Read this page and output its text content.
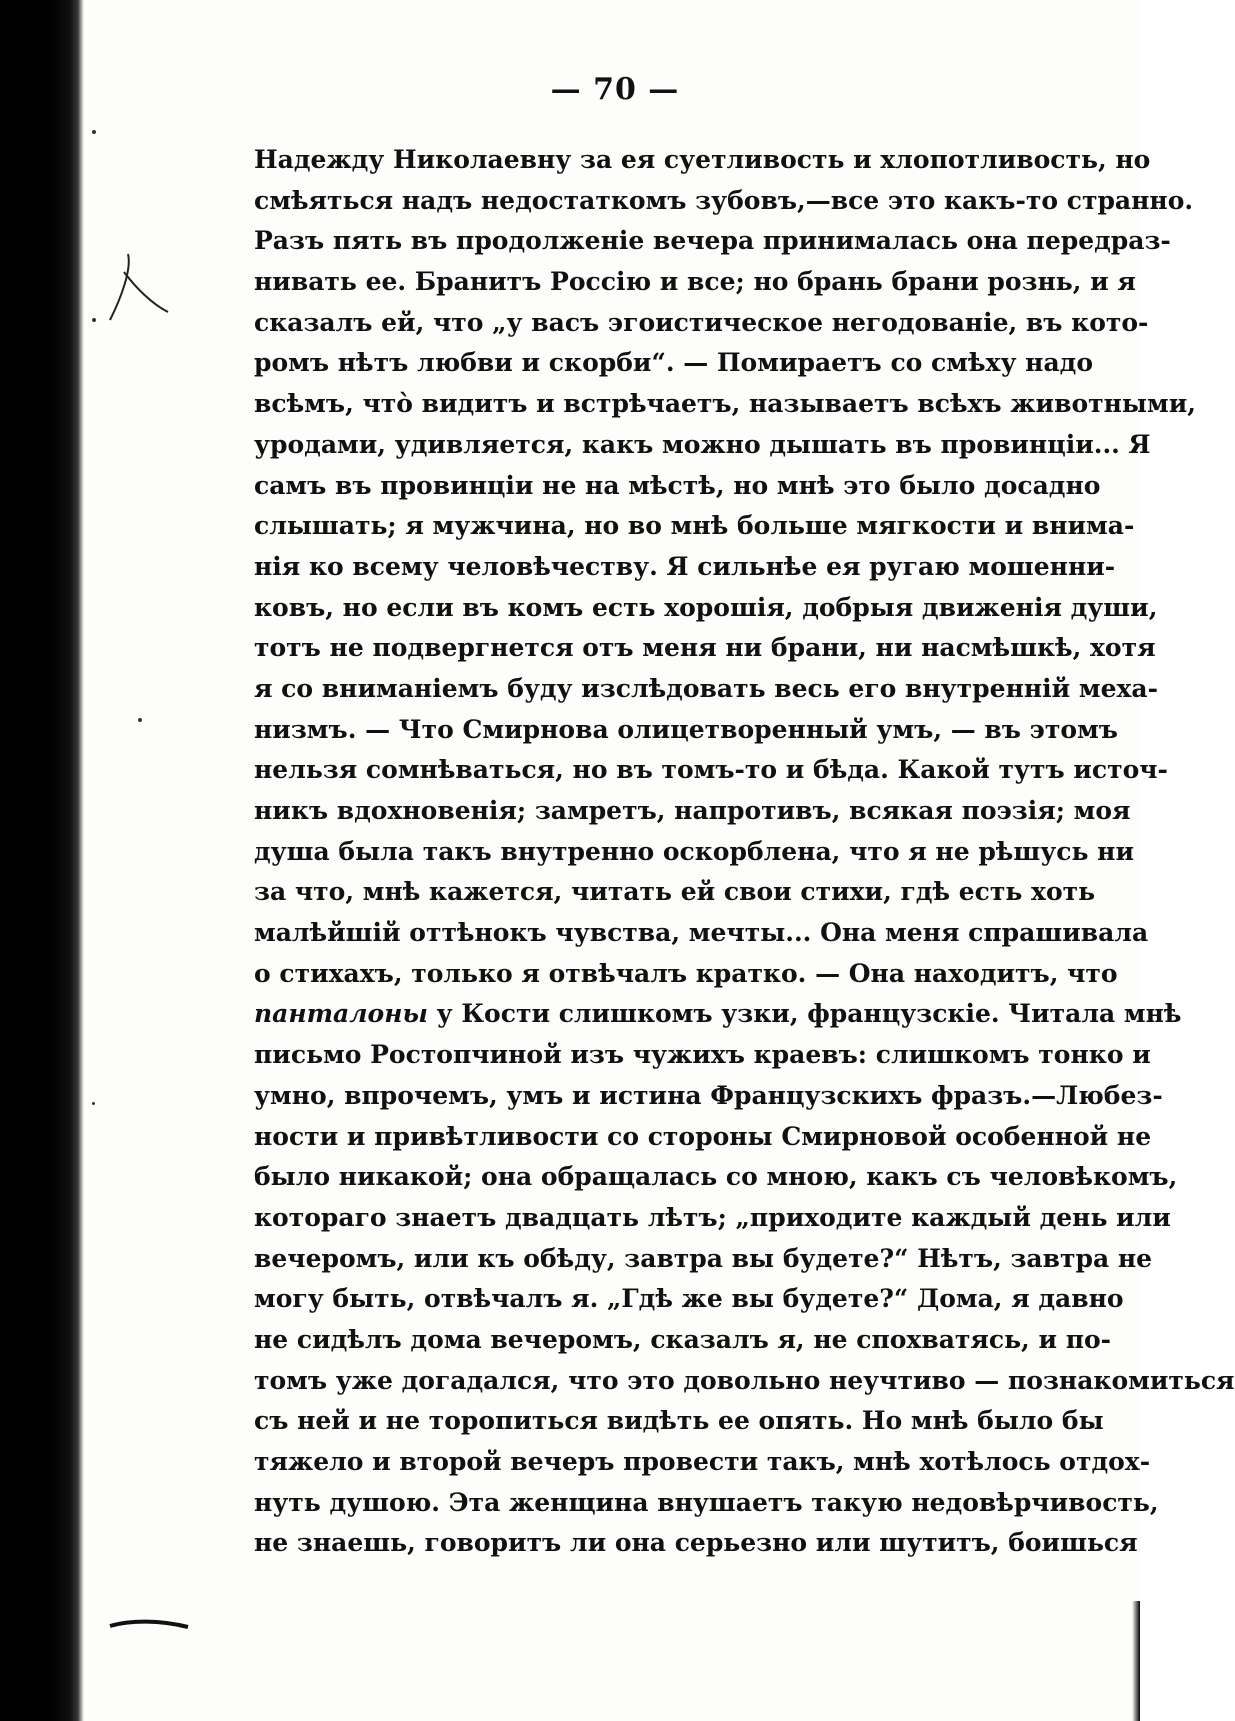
— 70 —
Надежду Николаевну за ея суетливость и хлопотливость, но
смѣяться надъ недостаткомъ зубовъ,—все это какъ-то странно.
Разъ пять въ продолженіе вечера принималась она передраз-
нивать ее. Бранитъ Россію и все; но брань брани рознь, и я
сказалъ ей, что „у васъ эгоистическое негодованіе, въ кото-
ромъ нѣтъ любви и скорби“. — Помираетъ со смѣху надо
всѣмъ, что̀ видитъ и встрѣчаетъ, называетъ всѣхъ животными,
уродами, удивляется, какъ можно дышать въ провинціи... Я
самъ въ провинціи не на мѣстѣ, но мнѣ это было досадно
слышать; я мужчина, но во мнѣ больше мягкости и внима-
нія ко всему человѣчеству. Я сильнѣе ея ругаю мошенни-
ковъ, но если въ комъ есть хорошія, добрыя движенія души,
тотъ не подвергнется отъ меня ни брани, ни насмѣшкѣ, хотя
я со вниманіемъ буду изслѣдовать весь его внутренній меха-
низмъ. — Что Смирнова олицетворенный умъ, — въ этомъ
нельзя сомнѣваться, но въ томъ-то и бѣда. Какой тутъ источ-
никъ вдохновенія; замретъ, напротивъ, всякая поэзія; моя
душа была такъ внутренно оскорблена, что я не рѣшусь ни
за что, мнѣ кажется, читать ей свои стихи, гдѣ есть хоть
малѣйшій оттѣнокъ чувства, мечты... Она меня спрашивала
о стихахъ, только я отвѣчалъ кратко. — Она находитъ, что
панталоны у Кости слишкомъ узки, французскіе. Читала мнѣ
письмо Ростопчиной изъ чужихъ краевъ: слишкомъ тонко и
умно, впрочемъ, умъ и истина Французскихъ фразъ.—Любез-
ности и привѣтливости со стороны Смирновой особенной не
было никакой; она обращалась со мною, какъ съ человѣкомъ,
котораго знаетъ двадцать лѣтъ; „приходите каждый день или
вечеромъ, или къ обѣду, завтра вы будете?“ Нѣтъ, завтра не
могу быть, отвѣчалъ я. „Гдѣ же вы будете?“ Дома, я давно
не сидѣлъ дома вечеромъ, сказалъ я, не спохватясь, и по-
томъ уже догадался, что это довольно неучтиво — познакомиться
съ ней и не торопиться видѣть ее опять. Но мнѣ было бы
тяжело и второй вечеръ провести такъ, мнѣ хотѣлось отдох-
нуть душою. Эта женщина внушаетъ такую недовѣрчивость,
не знаешь, говоритъ ли она серьезно или шутитъ, боишься
